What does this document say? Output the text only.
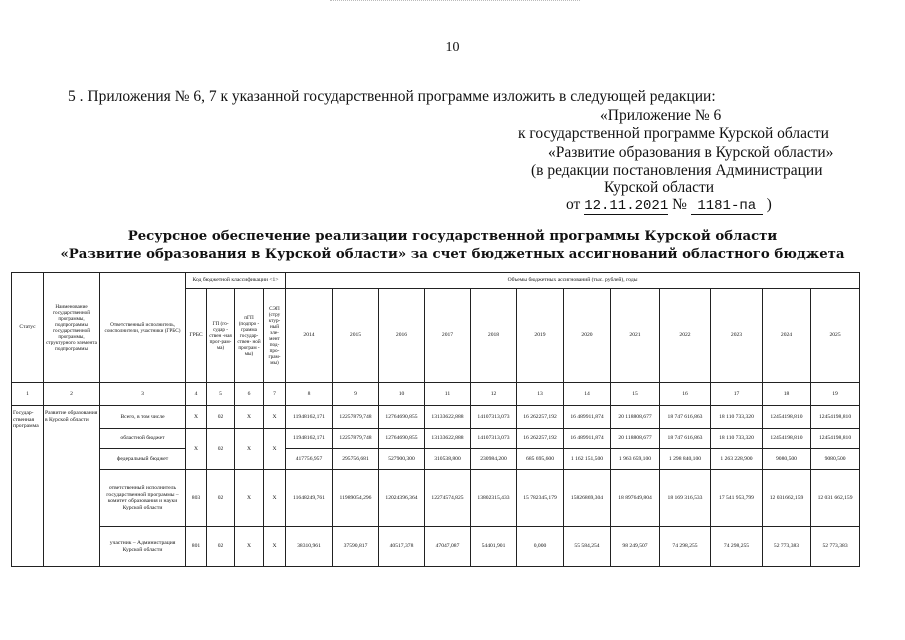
10
5 . Приложения № 6, 7 к указанной государственной программе изложить в следующей редакции:
«Приложение № 6
к государственной программе Курской области
«Развитие образования в Курской области»
(в редакции постановления Администрации
Курской области
от 12.11.2021 № 1181-па )
Ресурсное обеспечение реализации государственной программы Курской области
«Развитие образования в Курской области» за счет бюджетных ассигнований областного бюджета
Статус	Наименование государственной программы, подпрограммы государственной программы, структурного элемента подпрограммы	Ответственный исполнитель, соисполнители, участники (ГРБС)	Код бюджетной классификации <1>				Объемы бюджетных ассигнований (тыс. рублей), годы											
			ГРБС	ГП (го-судар - ствен -ная прог-рам- ма)	пГП (подпро - грамма государ- ствен- ной програм - мы)	СЭП (стру ктур- ный эле- мент под- про- грам- мы)	2014	2015	2016	2017	2018	2019	2020	2021	2022	2023	2024	2025
1	2	3	4	5	6	7	8	9	10	11	12	13	14	15	16	17	18	19
Государ- ственная программа	Развитие образования в Курской области	Всего, в том числе	Х	02	Х	Х	11948162,171	12257879,748	12764690,855	13133622,888	14107313,073	16 262257,192	16 489911,874	20 118808,677	18 747 616,863	18 110 733,320	12454198,810	12454198,810
		областной бюджет	Х	02	Х	Х	11948162,171	12257879,748	12764690,855	13133622,888	14107313,073	16 262257,192	16 489911,874	20 118808,677	18 747 616,863	18 110 733,320	12454198,810	12454198,810
		федеральный бюджет					417756,957	295756,681	527900,300	310538,800	230984,200	685 695,600	1 162 151,500	1 963 659,100	1 298 840,100	1 263 228,900	9080,500	9080,500
		ответственный исполнитель государственной программы – комитет образования и науки Курской области	803	02	Х	Х	11648249,761	11989054,296	12024396,364	12274574,825	13802315,433	15 782345,179	15826869,304	18 897649,804	18 169 316,533	17 541 953,799	12 031662,159	12 031 662,159
		участник – Администрация Курской области	801	02	Х	Х	38310,961	37590,817	40517,378	47047,087	54401,901	0,000	55 584,254	98 249,507	74 298,255	74 298,255	52 773,383	52 773,383
